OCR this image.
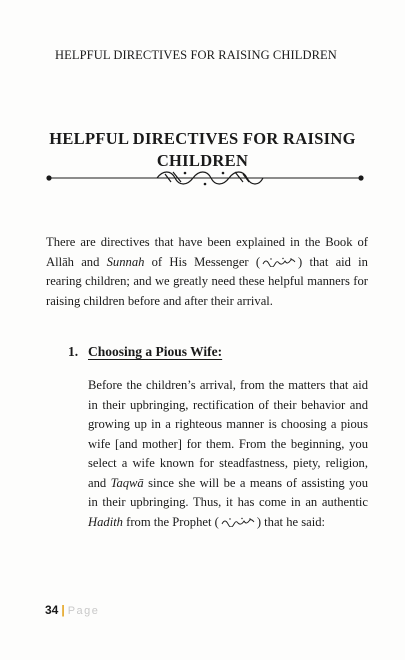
HELPFUL DIRECTIVES FOR RAISING CHILDREN
HELPFUL DIRECTIVES FOR RAISING
CHILDREN
There are directives that have been explained in the Book of Allāh and Sunnah of His Messenger (	) that aid in rearing children; and we greatly need these helpful manners for raising children before and after their arrival.
1. Choosing a Pious Wife:
Before the children’s arrival, from the matters that aid in their upbringing, rectification of their behavior and growing up in a righteous manner is choosing a pious wife [and mother] for them. From the beginning, you select a wife known for steadfastness, piety, religion, and Taqwā since she will be a means of assisting you in their upbringing. Thus, it has come in an authentic Hadith from the Prophet (	) that he said:
34 | Page
